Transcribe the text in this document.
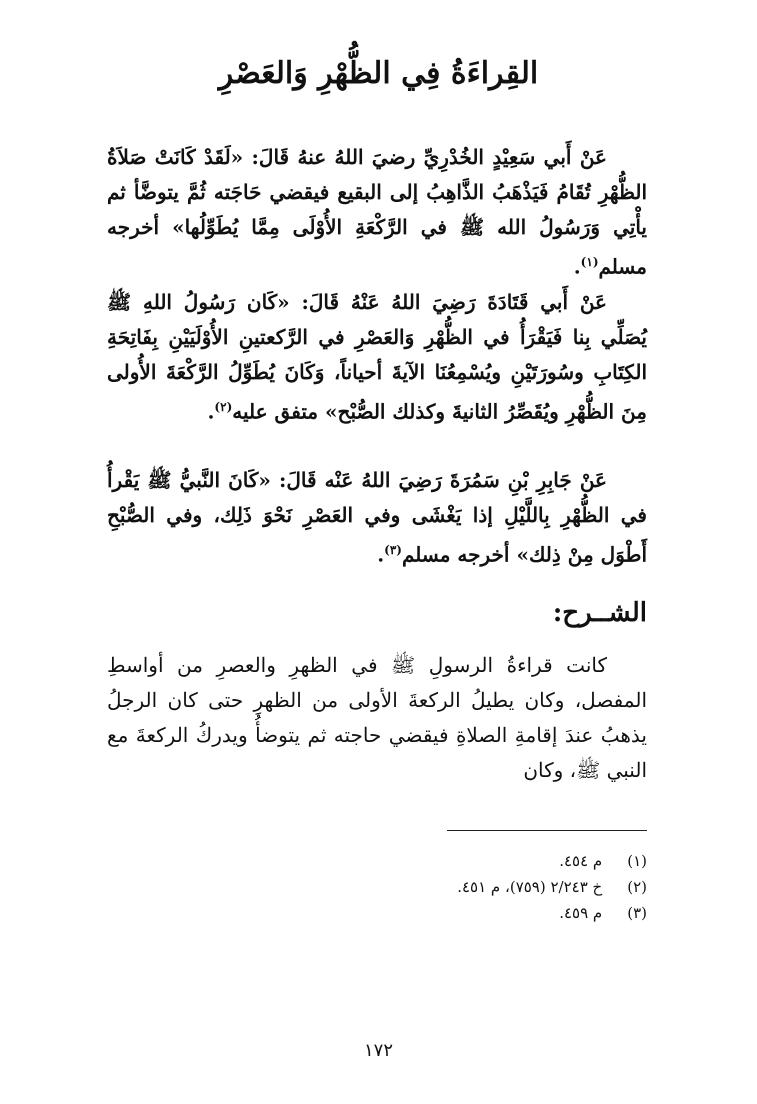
القِراءَةُ فِي الظُّهْرِ وَالعَصْرِ

عَنْ أَبي سَعِيْدٍ الخُدْرِيِّ رضيَ اللهُ عنهُ قَالَ: «لَقَدْ كَانَتْ صَلاَةُ الظُّهْرِ تُقَامُ فَيَذْهَبُ الذَّاهِبُ إلى البقيع فيقضي حَاجَته ثُمَّ يتوضَّأ ثم يأْتِي وَرَسُولُ الله ﷺ في الرَّكْعَةِ الأُوْلَى مِمَّا يُطَوِّلُها» أخرجه مسلم$^{(١)}$.

عَنْ أَبي قَتَادَةَ رَضِيَ اللهُ عَنْهُ قَالَ: «كَان رَسُولُ اللهِ ﷺ يُصَلِّي بِنا فَيَقْرَأُ في الظُّهْرِ وَالعَصْرِ في الرَّكعتينِ الأُوْلَيَيْنِ بِفَاتِحَةِ الكِتَابِ وسُورَتَيْنِ ويُسْمِعُنَا الآيةَ أحياناً، وَكَانَ يُطَوِّلُ الرَّكْعَةَ الأُولى مِنَ الظُّهْرِ ويُقَصِّرُ الثانيةَ وكذلك الصُّبْح» متفق عليه$^{(٢)}$.

عَنْ جَابِرِ بْنِ سَمُرَةَ رَضِيَ اللهُ عَنْه قَالَ: «كَانَ النَّبيُّ ﷺ يَقْرأُ في الظُّهْرِ بِاللَّيْلِ إذا يَغْشَى وفي العَصْرِ نَحْوَ ذَلِك، وفي الصُّبْحِ أَطْوَل مِنْ ذِلك» أخرجه مسلم$^{(٣)}$.

الشــرح:

كانت قراءةُ الرسولِ ﷺ في الظهرِ والعصرِ من أواسطِ المفصل، وكان يطيلُ الركعةَ الأولى من الظهرِ حتى كان الرجلُ يذهبُ عندَ إقامةِ الصلاةِ فيقضي حاجته ثم يتوضأُ ويدركُ الركعةَ مع النبي ﷺ، وكان

(١) م ٤٥٤.
(٢) خ ٢/٢٤٣ (٧٥٩)، م ٤٥١.
(٣) م ٤٥٩.
١٧٢
